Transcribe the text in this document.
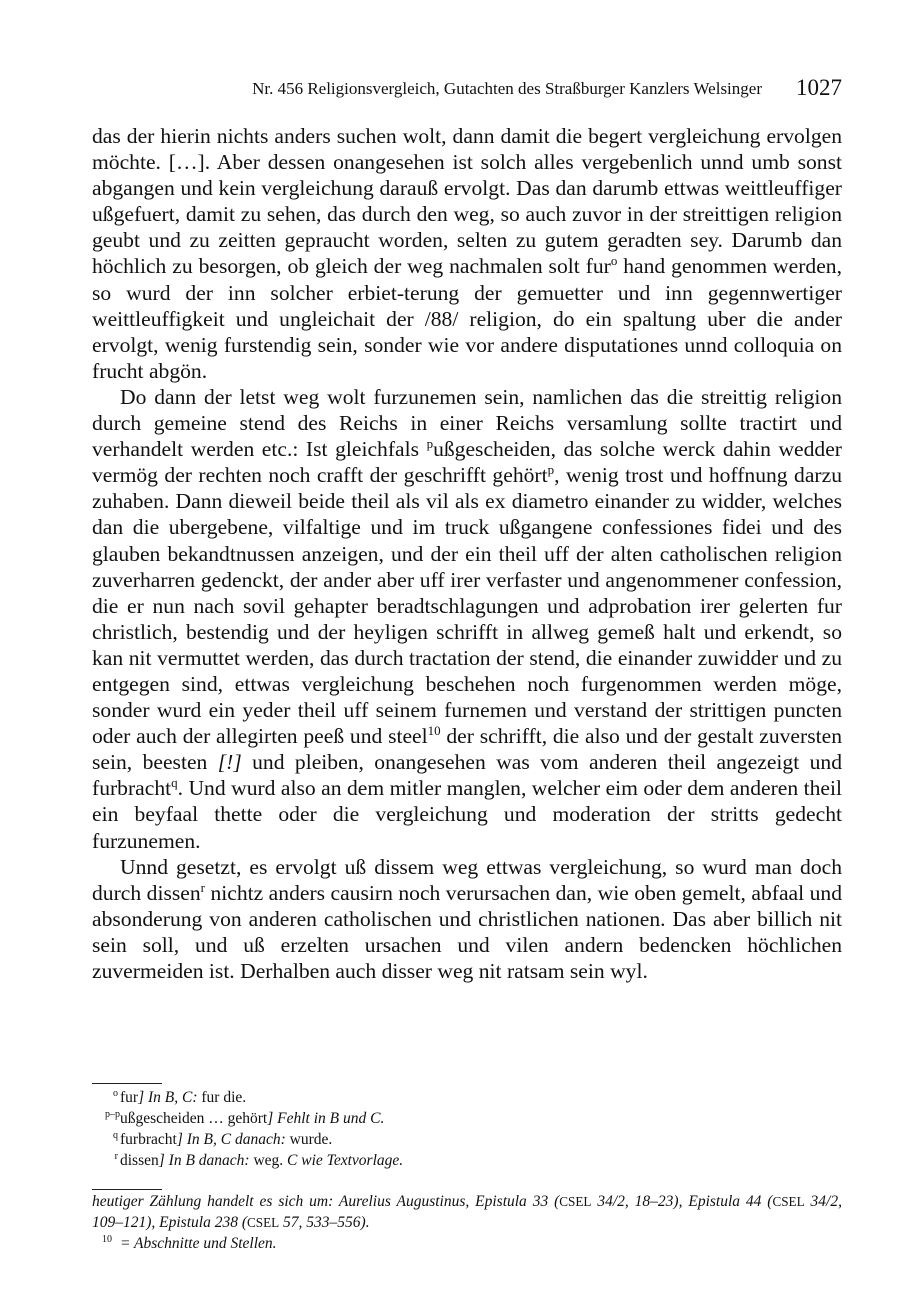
Nr. 456 Religionsvergleich, Gutachten des Straßburger Kanzlers Welsinger 1027

das der hierin nichts anders suchen wolt, dann damit die begert vergleichung ervolgen möchte. […]. Aber dessen onangesehen ist solch alles vergebenlich unnd umb sonst abgangen und kein vergleichung darauß ervolgt. Das dan darumb ettwas weittleuffiger ußgefuert, damit zu sehen, das durch den weg, so auch zuvor in der streittigen religion geubt und zu zeitten gepraucht worden, selten zu gutem geradten sey. Darumb dan höchlich zu besorgen, ob gleich der weg nachmalen solt fur$^o$ hand genommen werden, so wurd der inn solcher erbiet-terung der gemuetter und inn gegennwertiger weittleuffigkeit und ungleichait der /88/ religion, do ein spaltung uber die ander ervolgt, wenig furstendig sein, sonder wie vor andere disputationes unnd colloquia on frucht abgön.

Do dann der letst weg wolt furzunemen sein, namlichen das die streittig religion durch gemeine stend des Reichs in einer Reichs versamlung sollte tractirt und verhandelt werden etc.: Ist gleichfals $^p$ußgescheiden, das solche werck dahin wedder vermög der rechten noch crafft der geschrifft gehört$^p$, wenig trost und hoffnung darzu zuhaben. Dann dieweil beide theil als vil als ex diametro einander zu widder, welches dan die ubergebene, vilfaltige und im truck ußgangene confessiones fidei und des glauben bekandtnussen anzeigen, und der ein theil uff der alten catholischen religion zuverharren gedenckt, der ander aber uff irer verfaster und angenommener confession, die er nun nach sovil gehapter beradtschlagungen und adprobation irer gelerten fur christlich, bestendig und der heyligen schrifft in allweg gemeß halt und erkendt, so kan nit vermuttet werden, das durch tractation der stend, die einander zuwidder und zu entgegen sind, ettwas vergleichung beschehen noch furgenommen werden möge, sonder wurd ein yeder theil uff seinem furnemen und verstand der strittigen puncten oder auch der allegirten peeß und steel$^{10}$ der schrifft, die also und der gestalt zuversten sein, beesten [!] und pleiben, onangesehen was vom anderen theil angezeigt und furbracht$^q$. Und wurd also an dem mitler manglen, welcher eim oder dem anderen theil ein beyfaal thette oder die vergleichung und moderation der stritts gedecht furzunemen.

Unnd gesetzt, es ervolgt uß dissem weg ettwas vergleichung, so wurd man doch durch dissen$^r$ nichtz anders causirn noch verursachen dan, wie oben gemelt, abfaal und absonderung von anderen catholischen und christlichen nationen. Das aber billich nit sein soll, und uß erzelten ursachen und vilen andern bedencken höchlichen zuvermeiden ist. Derhalben auch disser weg nit ratsam sein wyl.

o fur] In B, C: fur die.
p–p ußgescheiden … gehört] Fehlt in B und C.
q furbracht] In B, C danach: wurde.
r dissen] In B danach: weg. C wie Textvorlage.
heutiger Zählung handelt es sich um: Aurelius Augustinus, Epistula 33 (CSEL 34/2, 18–23), Epistula 44 (CSEL 34/2, 109–121), Epistula 238 (CSEL 57, 533–556).
10 = Abschnitte und Stellen.
